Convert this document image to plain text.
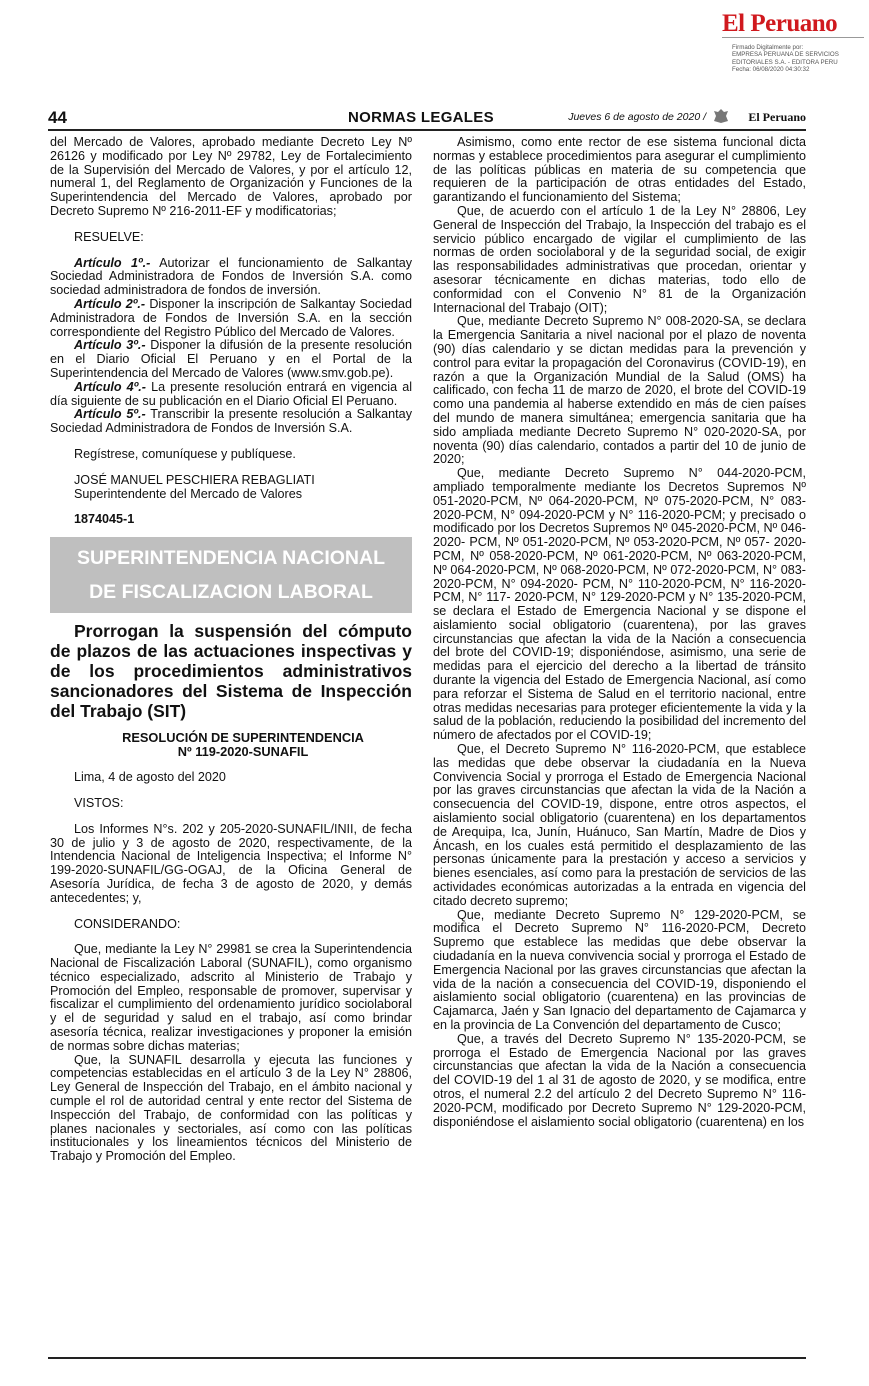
El Peruano
Firmado Digitalmente por:
EMPRESA PERUANA DE SERVICIOS
EDITORIALES S.A. - EDITORA PERU
Fecha: 06/08/2020 04:30:32
44	NORMAS LEGALES	Jueves 6 de agosto de 2020 /	El Peruano

del Mercado de Valores, aprobado mediante Decreto Ley Nº 26126 y modificado por Ley Nº 29782, Ley de Fortalecimiento de la Supervisión del Mercado de Valores, y por el artículo 12, numeral 1, del Reglamento de Organización y Funciones de la Superintendencia del Mercado de Valores, aprobado por Decreto Supremo Nº 216-2011-EF y modificatorias;

RESUELVE:

Artículo 1º.- Autorizar el funcionamiento de Salkantay Sociedad Administradora de Fondos de Inversión S.A. como sociedad administradora de fondos de inversión.

Artículo 2º.- Disponer la inscripción de Salkantay Sociedad Administradora de Fondos de Inversión S.A. en la sección correspondiente del Registro Público del Mercado de Valores.

Artículo 3º.- Disponer la difusión de la presente resolución en el Diario Oficial El Peruano y en el Portal de la Superintendencia del Mercado de Valores (www.smv.gob.pe).

Artículo 4º.- La presente resolución entrará en vigencia al día siguiente de su publicación en el Diario Oficial El Peruano.

Artículo 5º.- Transcribir la presente resolución a Salkantay Sociedad Administradora de Fondos de Inversión S.A.

Regístrese, comuníquese y publíquese.

JOSÉ MANUEL PESCHIERA REBAGLIATI

Superintendente del Mercado de Valores

1874045-1

SUPERINTENDENCIA NACIONAL
DE FISCALIZACION LABORAL

Prorrogan la suspensión del cómputo de plazos de las actuaciones inspectivas y de los procedimientos administrativos sancionadores del Sistema de Inspección del Trabajo (SIT)

RESOLUCIÓN DE SUPERINTENDENCIA

Nº 119-2020-SUNAFIL

Lima, 4 de agosto del 2020

VISTOS:

Los Informes N°s. 202 y 205-2020-SUNAFIL/INII, de fecha 30 de julio y 3 de agosto de 2020, respectivamente, de la Intendencia Nacional de Inteligencia Inspectiva; el Informe N° 199-2020-SUNAFIL/GG-OGAJ, de la Oficina General de Asesoría Jurídica, de fecha 3 de agosto de 2020, y demás antecedentes; y,

CONSIDERANDO:

Que, mediante la Ley N° 29981 se crea la Superintendencia Nacional de Fiscalización Laboral (SUNAFIL), como organismo técnico especializado, adscrito al Ministerio de Trabajo y Promoción del Empleo, responsable de promover, supervisar y fiscalizar el cumplimiento del ordenamiento jurídico sociolaboral y el de seguridad y salud en el trabajo, así como brindar asesoría técnica, realizar investigaciones y proponer la emisión de normas sobre dichas materias;

Que, la SUNAFIL desarrolla y ejecuta las funciones y competencias establecidas en el artículo 3 de la Ley N° 28806, Ley General de Inspección del Trabajo, en el ámbito nacional y cumple el rol de autoridad central y ente rector del Sistema de Inspección del Trabajo, de conformidad con las políticas y planes nacionales y sectoriales, así como con las políticas institucionales y los lineamientos técnicos del Ministerio de Trabajo y Promoción del Empleo.

Asimismo, como ente rector de ese sistema funcional dicta normas y establece procedimientos para asegurar el cumplimiento de las políticas públicas en materia de su competencia que requieren de la participación de otras entidades del Estado, garantizando el funcionamiento del Sistema;

Que, de acuerdo con el artículo 1 de la Ley N° 28806, Ley General de Inspección del Trabajo, la Inspección del trabajo es el servicio público encargado de vigilar el cumplimiento de las normas de orden sociolaboral y de la seguridad social, de exigir las responsabilidades administrativas que procedan, orientar y asesorar técnicamente en dichas materias, todo ello de conformidad con el Convenio N° 81 de la Organización Internacional del Trabajo (OIT);

Que, mediante Decreto Supremo N° 008-2020-SA, se declara la Emergencia Sanitaria a nivel nacional por el plazo de noventa (90) días calendario y se dictan medidas para la prevención y control para evitar la propagación del Coronavirus (COVID-19), en razón a que la Organización Mundial de la Salud (OMS) ha calificado, con fecha 11 de marzo de 2020, el brote del COVID-19 como una pandemia al haberse extendido en más de cien países del mundo de manera simultánea; emergencia sanitaria que ha sido ampliada mediante Decreto Supremo N° 020-2020-SA, por noventa (90) días calendario, contados a partir del 10 de junio de 2020;

Que, mediante Decreto Supremo N° 044-2020-PCM, ampliado temporalmente mediante los Decretos Supremos Nº 051-2020-PCM, Nº 064-2020-PCM, Nº 075-2020-PCM, N° 083-2020-PCM, N° 094-2020-PCM y N° 116-2020-PCM; y precisado o modificado por los Decretos Supremos Nº 045-2020-PCM, Nº 046-2020- PCM, Nº 051-2020-PCM, Nº 053-2020-PCM, Nº 057- 2020-PCM, Nº 058-2020-PCM, Nº 061-2020-PCM, Nº 063-2020-PCM, Nº 064-2020-PCM, Nº 068-2020-PCM, Nº 072-2020-PCM, N° 083-2020-PCM, N° 094-2020- PCM, N° 110-2020-PCM, N° 116-2020-PCM, N° 117- 2020-PCM, N° 129-2020-PCM y N° 135-2020-PCM, se declara el Estado de Emergencia Nacional y se dispone el aislamiento social obligatorio (cuarentena), por las graves circunstancias que afectan la vida de la Nación a consecuencia del brote del COVID-19; disponiéndose, asimismo, una serie de medidas para el ejercicio del derecho a la libertad de tránsito durante la vigencia del Estado de Emergencia Nacional, así como para reforzar el Sistema de Salud en el territorio nacional, entre otras medidas necesarias para proteger eficientemente la vida y la salud de la población, reduciendo la posibilidad del incremento del número de afectados por el COVID-19;

Que, el Decreto Supremo N° 116-2020-PCM, que establece las medidas que debe observar la ciudadanía en la Nueva Convivencia Social y prorroga el Estado de Emergencia Nacional por las graves circunstancias que afectan la vida de la Nación a consecuencia del COVID-19, dispone, entre otros aspectos, el aislamiento social obligatorio (cuarentena) en los departamentos de Arequipa, Ica, Junín, Huánuco, San Martín, Madre de Dios y Áncash, en los cuales está permitido el desplazamiento de las personas únicamente para la prestación y acceso a servicios y bienes esenciales, así como para la prestación de servicios de las actividades económicas autorizadas a la entrada en vigencia del citado decreto supremo;

Que, mediante Decreto Supremo N° 129-2020-PCM, se modifica el Decreto Supremo N° 116-2020-PCM, Decreto Supremo que establece las medidas que debe observar la ciudadanía en la nueva convivencia social y prorroga el Estado de Emergencia Nacional por las graves circunstancias que afectan la vida de la nación a consecuencia del COVID-19, disponiendo el aislamiento social obligatorio (cuarentena) en las provincias de Cajamarca, Jaén y San Ignacio del departamento de Cajamarca y en la provincia de La Convención del departamento de Cusco;

Que, a través del Decreto Supremo N° 135-2020-PCM, se prorroga el Estado de Emergencia Nacional por las graves circunstancias que afectan la vida de la Nación a consecuencia del COVID-19 del 1 al 31 de agosto de 2020, y se modifica, entre otros, el numeral 2.2 del artículo 2 del Decreto Supremo N° 116-2020-PCM, modificado por Decreto Supremo N° 129-2020-PCM, disponiéndose el aislamiento social obligatorio (cuarentena) en los
